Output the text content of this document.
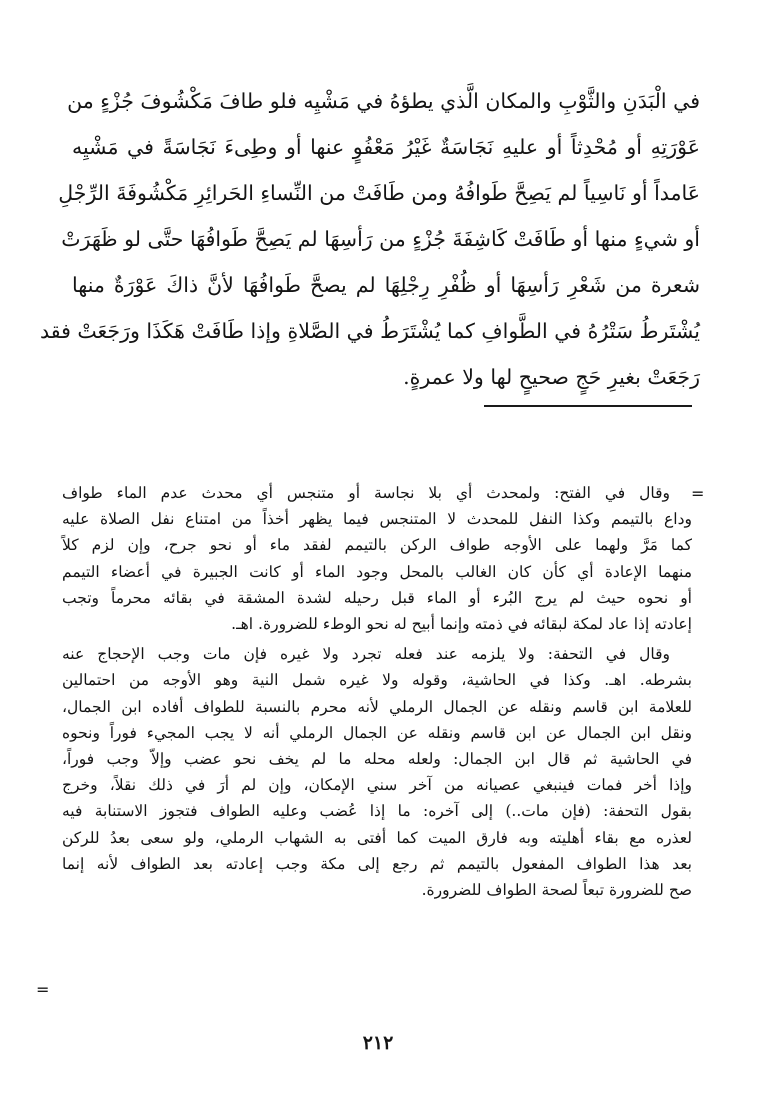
في الْبَدَنِ والثَّوْبِ والمكان الَّذي يطؤهُ في مَشْيِه فلو طافَ مَكْشُوفَ جُزْءٍ من
عَوْرَتِهِ أو مُحْدِثاً أو عليهِ نَجَاسَةٌ غَيْرُ مَعْفُوٍ عنها أو وطِىءَ نَجَاسَةً في مَشْيِه
عَامداً أو نَاسِياً لم يَصِحَّ طَوافُهُ ومن طَافَتْ من النِّساءِ الحَرائِرِ مَكْشُوفَةَ الرِّجْلِ
أو شيءٍ منها أو طَافَتْ كَاشِفَةَ جُزْءٍ من رَأسِهَا لم يَصِحَّ طَوافُهَا حتَّى لو ظَهَرَتْ
شعرة من شَعْرِ رَأسِهَا أو ظُفْرِ رِجْلِهَا لم يصحَّ طَوافُهَا لأنَّ ذاكَ عَوْرَةٌ منها
يُشْتَرطُ سَتْرُهُ في الطَّوافِ كما يُشْتَرَطُ في الصَّلاةِ وإذا طَافَتْ هَكَذَا ورَجَعَتْ فقد
رَجَعَتْ بغيرِ حَجٍ صحيحٍ لها ولا عمرةٍ.
=
وقال في الفتح: ولمحدث أي بلا نجاسة أو متنجس أي محدث عدم الماء طواف
وداع بالتيمم وكذا النفل للمحدث لا المتنجس فيما يظهر أخذاً من امتناع نفل الصلاة عليه
كما مَرَّ ولهما على الأوجه طواف الركن بالتيمم لفقد ماء أو نحو جرح، وإن لزم كلاً
منهما الإعادة أي كأن كان الغالب بالمحل وجود الماء أو كانت الجبيرة في أعضاء التيمم
أو نحوه حيث لم يرج البُرء أو الماء قبل رحيله لشدة المشقة في بقائه محرماً وتجب
إعادته إذا عاد لمكة لبقائه في ذمته وإنما أبيح له نحو الوطء للضرورة. اهـ.
وقال في التحفة: ولا يلزمه عند فعله تجرد ولا غيره فإن مات وجب الإحجاج عنه
بشرطه. اهـ. وكذا في الحاشية، وقوله ولا غيره شمل النية وهو الأوجه من احتمالين
للعلامة ابن قاسم ونقله عن الجمال الرملي لأنه محرم بالنسبة للطواف أفاده ابن الجمال،
ونقل ابن الجمال عن ابن قاسم ونقله عن الجمال الرملي أنه لا يجب المجيء فوراً ونحوه
في الحاشية ثم قال ابن الجمال: ولعله محله ما لم يخف نحو عضب وإلاّ وجب فوراً،
وإذا أخر فمات فينبغي عصيانه من آخر سني الإمكان، وإن لم أرَ في ذلك نقلاً، وخرج
بقول التحفة: (فإن مات..) إلى آخره: ما إذا عُضب وعليه الطواف فتجوز الاستنابة فيه
لعذره مع بقاء أهليته وبه فارق الميت كما أفتى به الشهاب الرملي، ولو سعى بعدُ للركن
بعد هذا الطواف المفعول بالتيمم ثم رجع إلى مكة وجب إعادته بعد الطواف لأنه إنما
صح للضرورة تبعاً لصحة الطواف للضرورة.
=
٢١٢
